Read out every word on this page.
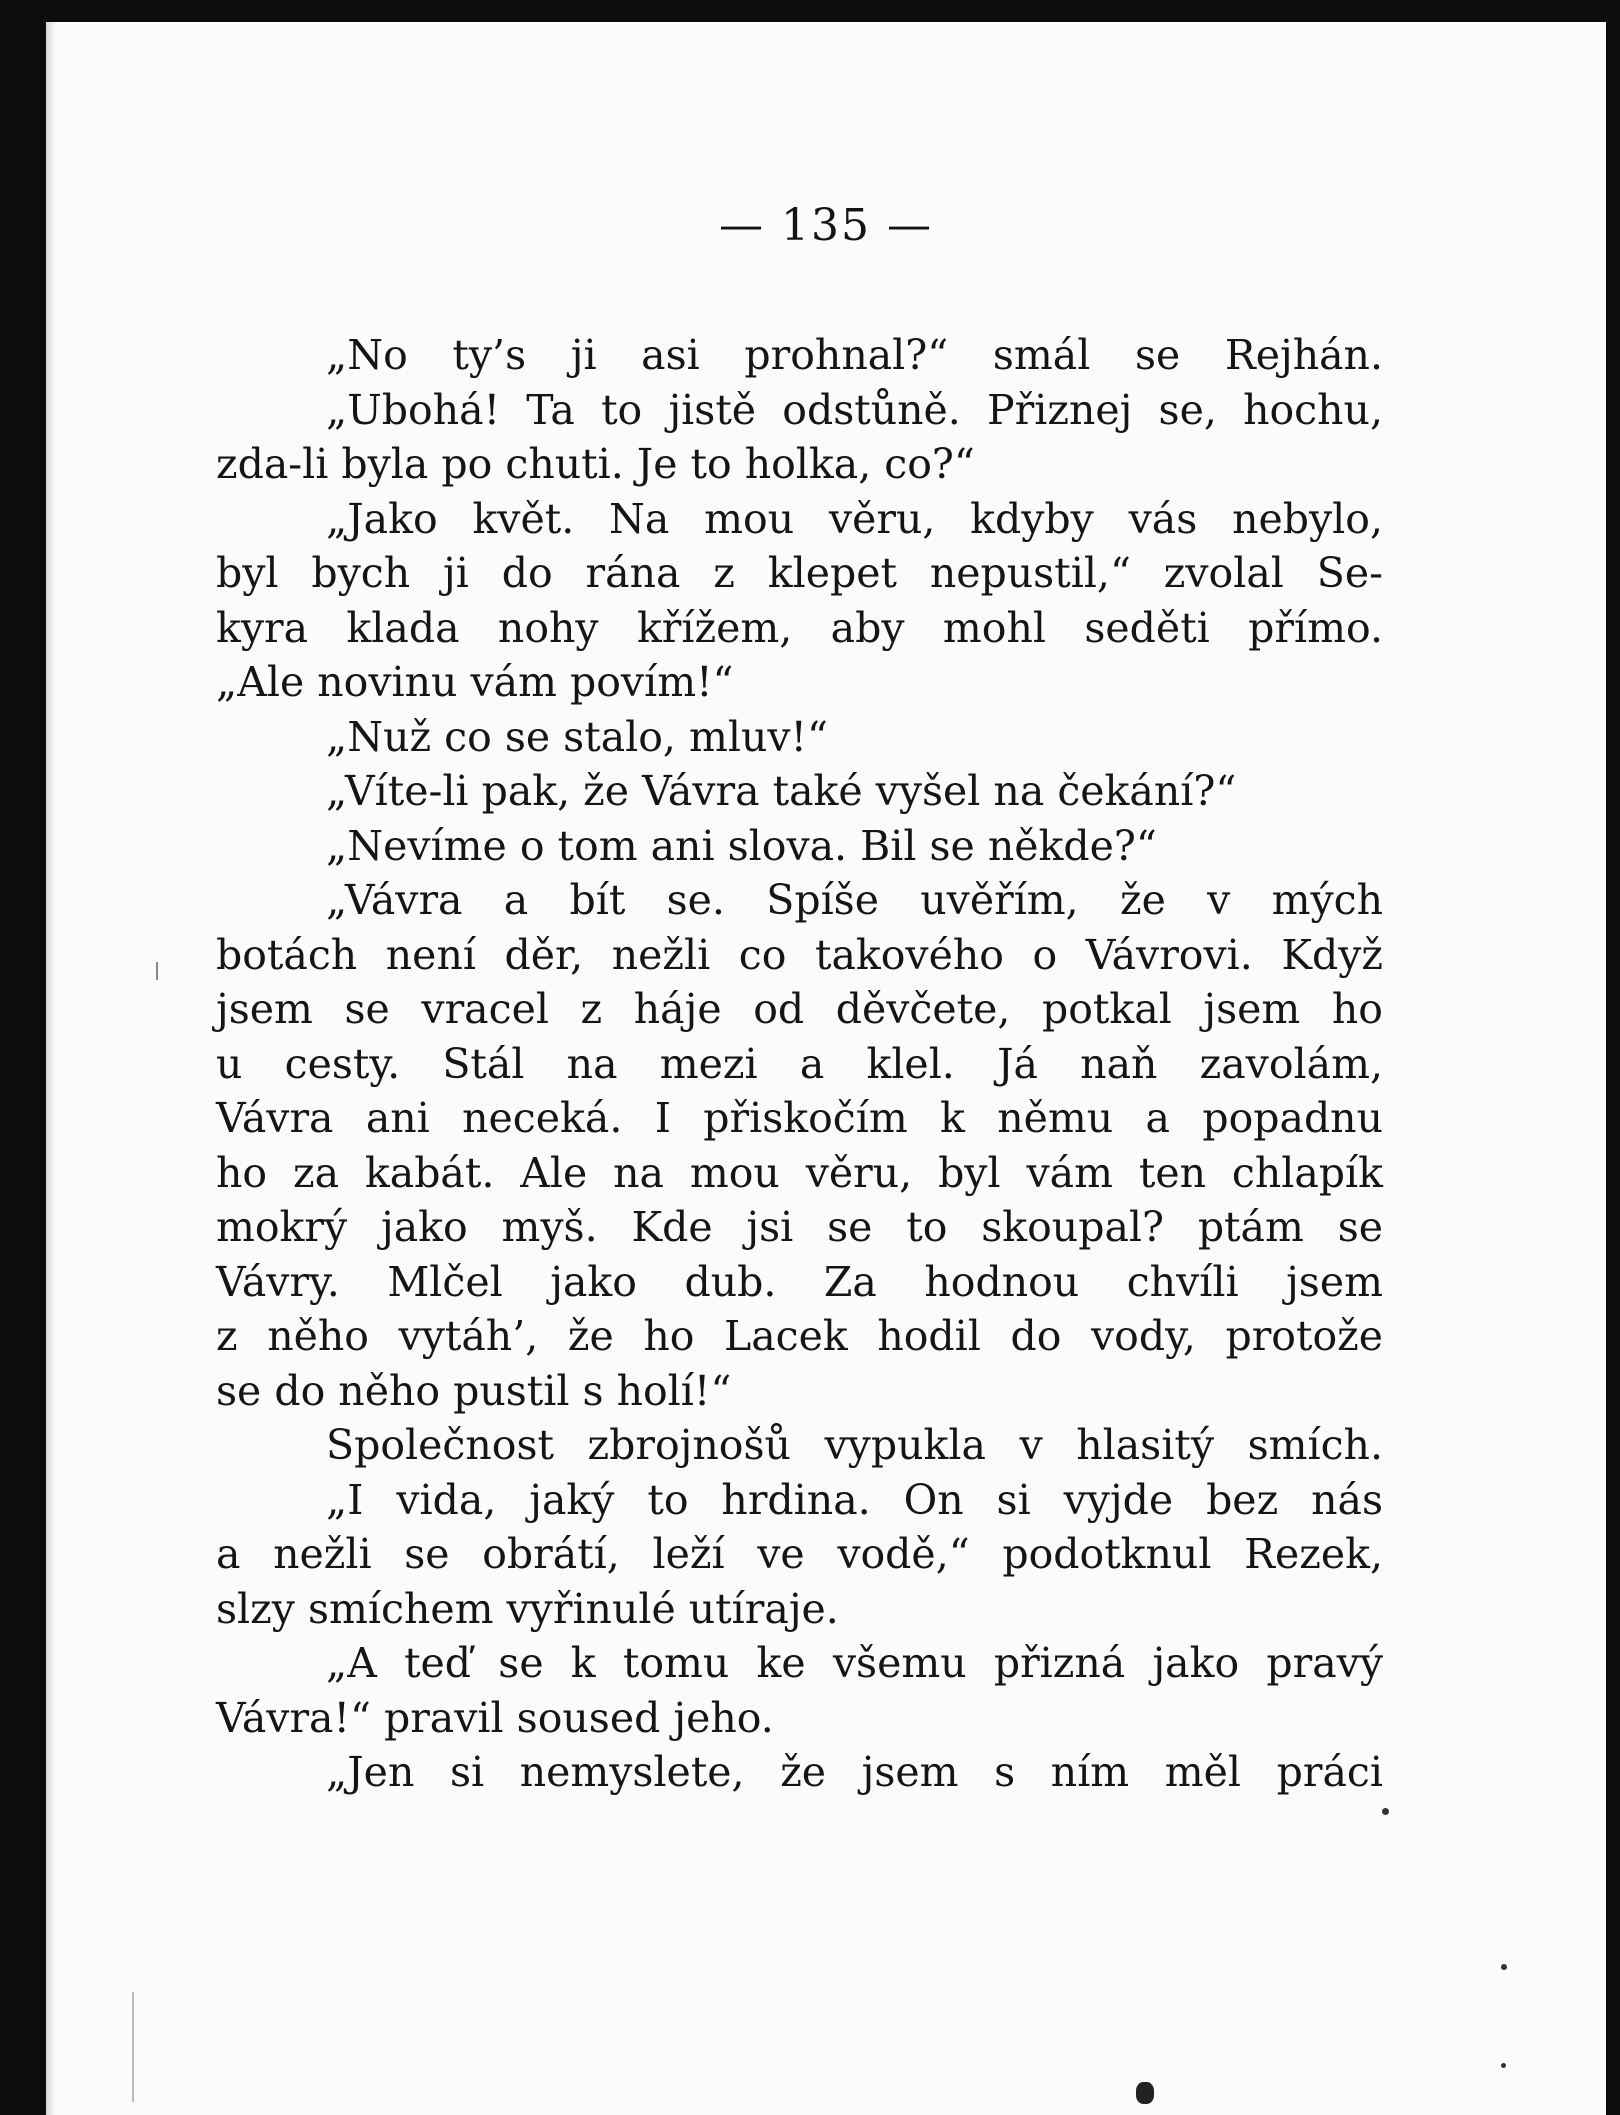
— 135 —

„No ty’s ji asi prohnal?“ smál se Rejhán.
„Ubohá! Ta to jistě odstůně. Přiznej se, hochu,
zda-li byla po chuti. Je to holka, co?“
„Jako květ. Na mou věru, kdyby vás nebylo,
byl bych ji do rána z klepet nepustil,“ zvolal Se-
kyra klada nohy křížem, aby mohl seděti přímo.
„Ale novinu vám povím!“
„Nuž co se stalo, mluv!“
„Víte-li pak, že Vávra také vyšel na čekání?“
„Nevíme o tom ani slova. Bil se někde?“
„Vávra a bít se. Spíše uvěřím, že v mých
botách není děr, nežli co takového o Vávrovi. Když
jsem se vracel z háje od děvčete, potkal jsem ho
u cesty. Stál na mezi a klel. Já naň zavolám,
Vávra ani neceká. I přiskočím k němu a popadnu
ho za kabát. Ale na mou věru, byl vám ten chlapík
mokrý jako myš. Kde jsi se to skoupal? ptám se
Vávry. Mlčel jako dub. Za hodnou chvíli jsem
z něho vytáh’, že ho Lacek hodil do vody, protože
se do něho pustil s holí!“
Společnost zbrojnošů vypukla v hlasitý smích.
„I vida, jaký to hrdina. On si vyjde bez nás
a nežli se obrátí, leží ve vodě,“ podotknul Rezek,
slzy smíchem vyřinulé utíraje.
„A teď se k tomu ke všemu přizná jako pravý
Vávra!“ pravil soused jeho.
„Jen si nemyslete, že jsem s ním měl práci
